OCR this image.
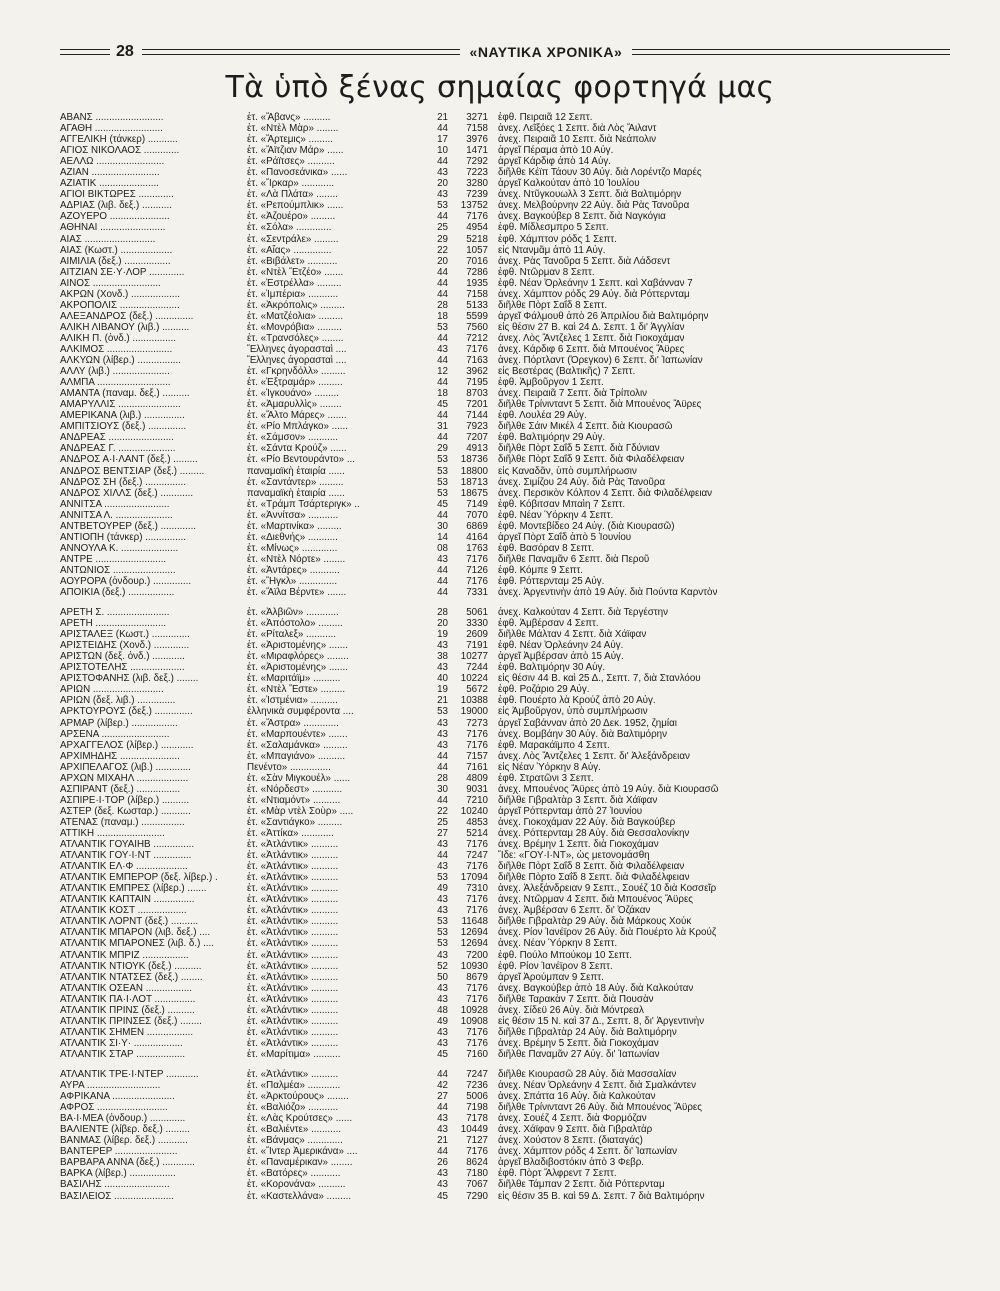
28	«ΝΑΥΤΙΚΑ ΧΡΟΝΙΚΑ»
Τὰ ὑπὸ ξένας σημαίας φορτηγά μας
ΑΒΑΝΣ .........................	ἐτ. «Ἄβανς» ..........	21	3271 ἐφθ. Πειραιᾶ 12 Σεπτ.
ΑΓΑΘΗ .........................	ἐτ. «Ντὲλ Μὰρ» ........	44	7158 ἀνεχ. Λεῖξόες 1 Σεπτ. διὰ Λὸς Ἄιλαντ
ΑΓΓΕΛΙΚΗ (τάνκερ) ...........	ἐτ. «Ἄρτεμις» .........	17	3976 ἀνεχ. Πειραιᾶ 10 Σεπτ. διὰ Νεάπολιν
ΑΓΙΟΣ ΝΙΚΟΛΑΟΣ .............	ἐτ. «Ἄϊτζιαν Μάρ» ......	10	1471 ἀργεῖ Πέραμα ἀπὸ 10 Αὐγ.
ΑΕΛΛΩ .........................	ἐτ. «Ράϊτσες» ..........	44	7292 ἀργεῖ Κάρδιφ ἀπὸ 14 Αὐγ.
ΑΖΙΑΝ .........................	ἐτ. «Πανοσεάνικα» ......	43	7223 διῆλθε Κέϊπ Τάουν 30 Αὐγ. διὰ Λορέντζο Μαρές
ΑΖΙΑΤΙΚ ......................	ἐτ. «Ἴρκαρ» ............	20	3280 ἀργεῖ Καλκούταν ἀπὸ 10 Ἰουλίου
ΑΓΙΟΙ ΒΙΚΤΩΡΕΣ .............	ἐτ. «Λὰ Πλάτα» ........	43	7239 ἀνεχ. Ντῦγκουωλλ 3 Σεπτ. διὰ Βαλτιμόρην
ΑΔΡΙΑΣ (λιβ. δεξ.) ...........	ἐτ. «Ρεπούμπλικ» ......	53	13752 ἀνεχ. Μελβούρνην 22 Αὐγ. διὰ Ρὰς Τανοῦρα
ΑΖΟΥΕΡΟ ......................	ἐτ. «Ἀζουέρο» .........	44	7176 ἀνεχ. Βαγκούβερ 8 Σεπτ. διὰ Ναγκόγια
ΑΘΗΝΑΙ ........................	ἐτ. «Σόλα» .............	25	4954 ἐφθ. Μίδλεσμπρο 5 Σεπτ.
ΑΙΑΣ ..........................	ἐτ. «Σεντράλε» .........	29	5218 ἐφθ. Χάμπτον ρόδς 1 Σεπτ.
ΑΙΑΣ (Κωστ.) ...................	ἐτ. «Αἴας» ..............	22	1057 εἰς Ντανμᾶμ ἀπὸ 11 Αὐγ.
ΑΙΜΙΛΙΑ (δεξ.) .................	ἐτ. «Βιβάλετ» ...........	20	7016 ἀνεχ. Ρὰς Τανοῦρα 5 Σεπτ. διὰ Λάδσεντ
ΑΙΤΖΙΑΝ ΣΕ·Υ·ΛΟΡ .............	ἐτ. «Ντὲλ Ἔτζέο» .......	44	7286 ἐφθ. Ντῶρμαν 8 Σεπτ.
ΑΙΝΟΣ .........................	ἐτ. «Ἐστρέλλα» .........	44	1935 ἐφθ. Νέαν Ὀρλεάνην 1 Σεπτ. καὶ Χαβάνναν 7
ΑΚΡΩΝ (Χονδ.) ..................	ἐτ. «Ἰμπέρια» ...........	44	7158 ἀνεχ. Χάμπτον ρόδς 29 Αὐγ. διὰ Ρόττερνταμ
ΑΚΡΟΠΟΛΙΣ ......................	ἐτ. «Ἀκρόπολις» .........	28	5133 διῆλθε Πὸρτ Σαΐδ 8 Σεπτ.
ΑΛΕΞΑΝΔΡΟΣ (δεξ.) ..............	ἐτ. «Ματζέολια» .........	18	5599 ἀργεῖ Φάλμουθ ἀπὸ 26 Ἀπριλίου διὰ Βαλτιμόρην
ΑΛΙΚΗ ΛΙΒΑΝΟΥ (λιβ.) ..........	ἐτ. «Μονρόβια» .........	53	7560 εἰς θέσιν 27 Β. καὶ 24 Δ. Σεπτ. 1 δι' Ἀγγλίαν
ΑΛΙΚΗ Π. (ὀνδ.) ................	ἐτ. «Τρανσόλες» ........	44	7212 ἀνεχ. Λὸς Ἄντζελες 1 Σεπτ. διὰ Γιοκοχάμαν
ΑΛΚΙΜΟΣ ........................	Ἕλληνες ἀγορασταὶ ....	43	7176 ἀνεχ. Κάρδιφ 6 Σεπτ. διὰ Μπουένος Ἄϋρες
ΑΛΚΥΩΝ (λίβερ.) ................	Ἕλληνες ἀγορασταὶ ....	44	7163 ἀνεχ. Πόρτλαντ (Ὀρεγκον) 6 Σεπτ. δι' Ἰαπωνίαν
ΑΛΛΥ (λιβ.) .....................	ἐτ. «Γκρηνδόλλ» .........	12	3962 εἰς Βεστέρας (Βαλτικῆς) 7 Σεπτ.
ΑΛΜΠΑ ...........................	ἐτ. «Ἐξτραμάρ» .........	44	7195 ἐφθ. Ἀμβοῦργον 1 Σεπτ.
ΑΜΑΝΤΑ (παναμ. δεξ.) ..........	ἐτ. «Ἰγκουάνο» .........	18	8703 ἀνεχ. Πειραιᾶ 7 Σεπτ. διὰ Τρίπολιν
ΑΜΑΡΥΛΛΙΣ .......................	ἐτ. «Ἀμαρυλλὶς» ........	45	7201 διῆλθε Τρίνινταντ 5 Σεπτ. διὰ Μπουένος Ἄϋρες
ΑΜΕΡΙΚΑΝΑ (λιβ.) ...............	ἐτ. «Ἄλτο Μάρες» .......	44	7144 ἐφθ. Λουλέα 29 Αὐγ.
ΑΜΠΙΤΣΙΟΥΣ (δεξ.) ..............	ἐτ. «Ρίο Μπλάγκο» ......	31	7923 διῆλθε Σάιν Μικέλ 4 Σεπτ. διὰ Κιουρασῶ
ΑΝΔΡΕΑΣ ........................	ἐτ. «Σάμσον» ...........	44	7207 ἐφθ. Βαλτιμόρην 29 Αὐγ.
ΑΝΔΡΕΑΣ Γ. .....................	ἐτ. «Σάντα Κρούζ» ......	29	4913 διῆλθε Πὸρτ Σαΐδ 5 Σεπτ. διὰ Γδύνιαν
ΑΝΔΡΟΣ Α·Ι·ΛΑΝΤ (δεξ.) .........	ἐτ. «Ρίο Βεντουράντο» ...	53	18736 διῆλθε Πὸρτ Σαΐδ 9 Σεπτ. διὰ Φιλαδέλφειαν
ΑΝΔΡΟΣ ΒΕΝΤΣΙΑΡ (δεξ.) .........	παναμαϊκὴ ἐταιρία ......	53	18800 εἰς Καναδᾶν, ὑπὸ συμπλήρωσιν
ΑΝΔΡΟΣ ΣΗ (δεξ.) ...............	ἐτ. «Σαντάντερ» .........	53	18713 ἀνεχ. Σιμίζου 24 Αὐγ. διὰ Ρὰς Τανοῦρα
ΑΝΔΡΟΣ ΧΙΛΛΣ (δεξ.) ............	παναμαϊκὴ ἐταιρία ......	53	18675 ἀνεχ. Περσικὸν Κόλπον 4 Σεπτ. διὰ Φιλαδέλφειαν
ΑΝΝΙΤΣΑ ........................	ἐτ. «Τράμπ Τσάρτεριγκ» ..	45	7149 ἐφθ. Κόβιτσαν Μπαὶη 7 Σεπτ.
ΑΝΝΙΤΣΑ Λ. .....................	ἐτ. «Ἀννίτσα» ...........	44	7070 ἐφθ. Νέαν Ὑόρκην 4 Σεπτ.
ΑΝΤΒΕΤΟΥΡΕΡ (δεξ.) .............	ἐτ. «Μαρτινίκα» .........	30	6869 ἐφθ. Μοντεβίδεο 24 Αὐγ. (διὰ Κιουρασῶ)
ΑΝΤΙΟΠΗ (τάνκερ) ...............	ἐτ. «Διεθνής» ...........	14	4164 ἀργεῖ Πὸρτ Σαΐδ ἀπὸ 5 Ἰουνίου
ΑΝΝΟΥΛΑ Κ. .....................	ἐτ. «Μίνως» .............	08	1763 ἐφθ. Βασόραν 8 Σεπτ.
ΑΝΤΡΕ ..........................	ἐτ. «Ντὲλ Νόρτε» ........	43	7176 διῆλθε Παναμᾶν 6 Σεπτ. διὰ Περοῦ
ΑΝΤΩΝΙΟΣ .......................	ἐτ. «Ἀντάρες» ...........	44	7126 ἐφθ. Κόμπε 9 Σεπτ.
ΑΟΥΡΟΡΑ (ὀνδουρ.) ..............	ἐτ. «Ἥγκλ» ..............	44	7176 ἐφθ. Ρόττερνταμ 25 Αὐγ.
ΑΠΟΙΚΙΑ (δεξ.) .................	ἐτ. «Ἄϊλα Βέρντε» .......	44	7331 ἀνεχ. Ἀργεντινὴν ἀπὸ 19 Αὐγ. διὰ Πούντα Καρντὸν
ΑΡΕΤΗ Σ. .......................	ἐτ. «Ἀλβιῶν» ............	28	5061 ἀνεχ. Καλκούταν 4 Σεπτ. διὰ Τεργέστην
ΑΡΕΤΗ ..........................	ἐτ. «Ἀπόστολο» .........	20	3330 ἐφθ. Ἀμβέρσαν 4 Σεπτ.
ΑΡΙΣΤΑΛΕΞ (Κωστ.) ..............	ἐτ. «Ρίταλεξ» ...........	19	2609 διῆλθε Μάλταν 4 Σεπτ. διὰ Χάϊφαν
ΑΡΙΣΤΕΙΔΗΣ (Χονδ.) .............	ἐτ. «Ἀριστομένης» .......	43	7191 ἐφθ. Νέαν Ὀρλεάνην 24 Αὐγ.
ΑΡΙΣΤΩΝ (δεξ. ὀνδ.) ............	ἐτ. «Μιραφλόρες» ........	38	10277 ἀργεῖ Ἀμβέρσαν ἀπὸ 15 Αὐγ.
ΑΡΙΣΤΟΤΕΛΗΣ ....................	ἐτ. «Ἀριστομένης» .......	43	7244 ἐφθ. Βαλτιμόρην 30 Αὐγ.
ΑΡΙΣΤΟΦΑΝΗΣ (λιβ. δεξ.) ........	ἐτ. «Μαριτάϊμ» ..........	40	10224 εἰς θέσιν 44 Β. καὶ 25 Δ., Σεπτ. 7, διὰ Στανλόου
ΑΡΙΩΝ ..........................	ἐτ. «Ντὲλ Ἔστε» .........	19	5672 ἐφθ. Ροζάριο 29 Αὐγ.
ΑΡΙΩΝ (δεξ. λιβ.) ..............	ἐτ. «Ἰστμένια» ..........	21	10388 ἐφθ. Πουέρτο λὰ Κρούζ ἀπὸ 20 Αὐγ.
ΑΡΚΤΟΥΡΟΥΣ (δεξ.) ..............	ἑλληνικὰ συμφέροντα ....	53	19000 εἰς Ἀμβοῦργον, ὑπὸ συμπλήρωσιν
ΑΡΜΑΡ (λίβερ.) .................	ἐτ. «Ἄστρα» .............	43	7273 ἀργεῖ Σαβάνναν ἀπὸ 20 Δεκ. 1952, ζημίαι
ΑΡΣΕΝΑ .........................	ἐτ. «Μαρπουέντε» .......	43	7176 ἀνεχ. Βομβάην 30 Αὐγ. διὰ Βαλτιμόρην
ΑΡΧΑΓΓΕΛΟΣ (λίβερ.) ............	ἐτ. «Σαλαμάνκα» .........	43	7176 ἐφθ. Μαρακάϊμπο 4 Σεπτ.
ΑΡΧΙΜΗΔΗΣ ......................	ἐτ. «Μπαγιάνο» ..........	44	7157 ἀνεχ. Λὸς Ἄντζελες 1 Σεπτ. δι' Ἀλεξάνδρειαν
ΑΡΧΙΠΕΛΑΓΟΣ (λιβ.) .............	Πενέντο» ...............	44	7161 εἰς Νέαν Ὑόρκην 8 Αὐγ.
ΑΡΧΩΝ ΜΙΧΑΗΛ ...................	ἐτ. «Σὰν Μιγκουέλ» ......	28	4809 ἐφθ. Στρατῶνι 3 Σεπτ.
ΑΣΠΙΡΑΝΤ (δεξ.) ................	ἐτ. «Νόρδεστ» ...........	30	9031 ἀνεχ. Μπουένος Ἄϋρες ἀπὸ 19 Αὐγ. διὰ Κιουρασῶ
ΑΣΠΙΡΕ·Ι·ΤΟΡ (λίβερ.) ..........	ἐτ. «Ντιαμόντ» ..........	44	7210 διῆλθε Γιβραλτὰρ 3 Σεπτ. διὰ Χάϊφαν
ΑΣΤΕΡ (δεξ. Κωσταρ.) ...........	ἐτ. «Μὰρ ντὲλ Σοὺρ» .....	22	10240 ἀργεῖ Ρόττερνταμ ἀπὸ 27 Ἰουνίου
ΑΤΕΝΑΣ (παναμ.) ................	ἐτ. «Σαντιάγκο» .........	25	4853 ἀνεχ. Γιοκοχάμαν 22 Αὐγ. διὰ Βαγκούβερ
ΑΤΤΙΚΗ .........................	ἐτ. «Ἀττίκα» ............	27	5214 ἀνεχ. Ρόττερνταμ 28 Αὐγ. διὰ Θεσσαλονίκην
ΑΤΛΑΝΤΙΚ ΓΟΥΑΙΗΒ ...............	ἐτ. «Ἀτλάντικ» ..........	43	7176 ἀνεχ. Βρέμην 1 Σεπτ. διὰ Γιοκοχάμαν
ΑΤΛΑΝΤΙΚ ΓΟΥ·Ι·ΝΤ ..............	ἐτ. «Ἀτλάντικ» ..........	44	7247 Ἴδε: «ΓΟΥ·Ι·ΝΤ», ὡς μετονομάσθη
ΑΤΛΑΝΤΙΚ ΕΛ·Φ ...................	ἐτ. «Ἀτλάντικ» ..........	43	7176 διῆλθε Πὸρτ Σαΐδ 8 Σεπτ. διὰ Φιλαδέλφειαν
ΑΤΛΑΝΤΙΚ ΕΜΠΕΡΟΡ (δεξ. λίβερ.) .	ἐτ. «Ἀτλάντικ» ..........	53	17094 διῆλθε Πὸρτο Σαΐδ 8 Σεπτ. διὰ Φιλαδέλφειαν
ΑΤΛΑΝΤΙΚ ΕΜΠΡΕΣ (λίβερ.) .......	ἐτ. «Ἀτλάντικ» ..........	49	7310 ἀνεχ. Ἀλεξάνδρειαν 9 Σεπτ., Σουέζ 10 διὰ Κοσσεῖρ
ΑΤΛΑΝΤΙΚ ΚΑΠΤΑΙΝ ...............	ἐτ. «Ἀτλάντικ» ..........	43	7176 ἀνεχ. Ντῶρμαν 4 Σεπτ. διὰ Μπουένος Ἄϋρες
ΑΤΛΑΝΤΙΚ ΚΟΣΤ ..................	ἐτ. «Ἀτλάντικ» ..........	43	7176 ἀνεχ. Ἀμβέρσαν 6 Σεπτ. δι' Ὀζάκαν
ΑΤΛΑΝΤΙΚ ΛΟΡΝΤ (δεξ.) ..........	ἐτ. «Ἀτλάντικ» ..........	53	11648 διῆλθε Γιβραλτὰρ 29 Αὐγ. διὰ Μάρκους Χούκ
ΑΤΛΑΝΤΙΚ ΜΠΑΡΟΝ (λιβ. δεξ.) ....	ἐτ. «Ἀτλάντικ» ..........	53	12694 ἀνεχ. Ρίον Ἰανέϊρον 26 Αὐγ. διὰ Πουέρτο λὰ Κρούζ
ΑΤΛΑΝΤΙΚ ΜΠΑΡΟΝΕΣ (λιβ. δ.) ....	ἐτ. «Ἀτλάντικ» ..........	53	12694 ἀνεχ. Νέαν Ὑόρκην 8 Σεπτ.
ΑΤΛΑΝΤΙΚ ΜΠΡΙΖ .................	ἐτ. «Ἀτλάντικ» ..........	43	7200 ἐφθ. Πούλο Μπούκομ 10 Σεπτ.
ΑΤΛΑΝΤΙΚ ΝΤΙΟΥΚ (δεξ.) ..........	ἐτ. «Ἀτλάντικ» ..........	52	10930 ἐφθ. Ρίον Ἰανέϊρον 8 Σεπτ.
ΑΤΛΑΝΤΙΚ ΝΤΑΤΣΕΣ (δεξ.) ........	ἐτ. «Ἀτλάντικ» ..........	50	8679 ἀργεῖ Ἀρούμπαν 9 Σεπτ.
ΑΤΛΑΝΤΙΚ ΟΣΕΑΝ .................	ἐτ. «Ἀτλάντικ» ..........	43	7176 ἀνεχ. Βαγκούβερ ἀπὸ 18 Αὐγ. διὰ Καλκούταν
ΑΤΛΑΝΤΙΚ ΠΑ·Ι·ΛΟΤ ...............	ἐτ. «Ἀτλάντικ» ..........	43	7176 διῆλθε Ταρακὰν 7 Σεπτ. διὰ Πουσὰν
ΑΤΛΑΝΤΙΚ ΠΡΙΝΣ (δεξ.) ..........	ἐτ. «Ἀτλάντικ» ..........	48	10928 ἀνεχ. Σίδεϋ 26 Αὐγ. διὰ Μόντρεαλ
ΑΤΛΑΝΤΙΚ ΠΡΙΝΣΕΣ (δεξ.) ........	ἐτ. «Ἀτλάντικ» ..........	49	10908 εἰς θέσιν 15 Ν. καὶ 37 Δ., Σεπτ. 8, δι' Ἀργεντινὴν
ΑΤΛΑΝΤΙΚ ΣΗΜΕΝ .................	ἐτ. «Ἀτλάντικ» ..........	43	7176 διῆλθε Γιβραλτὰρ 24 Αὐγ. διὰ Βαλτιμόρην
ΑΤΛΑΝΤΙΚ ΣΙ·Υ· ..................	ἐτ. «Ἀτλάντικ» ..........	43	7176 ἀνεχ. Βρέμην 5 Σεπτ. διὰ Γιοκοχάμαν
ΑΤΛΑΝΤΙΚ ΣΤΑΡ ..................	ἐτ. «Μαρίτιμα» ..........	45	7160 διῆλθε Παναμᾶν 27 Αὐγ. δι' Ἰαπωνίαν
ΑΤΛΑΝΤΙΚ ΤΡΕ·Ι·ΝΤΕΡ ............	ἐτ. «Ἀτλάντικ» ..........	44	7247 διῆλθε Κιουρασῶ 28 Αὐγ. διὰ Μασσαλίαν
ΑΥΡΑ ...........................	ἐτ. «Παλμέα» ............	42	7236 ἀνεχ. Νέαν Ὀρλεάνην 4 Σεπτ. διὰ Σμαλκάντεν
ΑΦΡΙΚΑΝΑ .......................	ἐτ. «Ἀρκτούρους» ........	27	5006 ἀνεχ. Σπάττα 16 Αὐγ. διὰ Καλκούταν
ΑΦΡΟΣ ..........................	ἐτ. «Βαλιόζο» ...........	44	7198 διῆλθε Τρίνινταντ 26 Αὐγ. διὰ Μπουένος Ἄϋρες
ΒΑ·Ι·ΜΕΑ (ὀνδουρ.) .............	ἐτ. «Λὰς Κρούτσες» ......	43	7178 ἀνεχ. Σουέζ 4 Σεπτ. διὰ Φορμόζαν
ΒΑΛΙΕΝΤΕ (λίβερ. δεξ.) .........	ἐτ. «Βαλιέντε» ...........	43	10449 ἀνεχ. Χάϊφαν 9 Σεπτ. διὰ Γιβραλτὰρ
ΒΑΝΜΑΣ (λίβερ. δεξ.) ...........	ἐτ. «Βάνμας» .............	21	7127 ἀνεχ. Χούστον 8 Σεπτ. (διαταγάς)
ΒΑΝΤΕΡΕΡ .......................	ἐτ. «Ἴντερ Ἀμερικάνα» ....	44	7176 ἀνεχ. Χάμπτον ρόδς 4 Σεπτ. δι' Ἰαπωνίαν
ΒΑΡΒΑΡΑ ΑΝΝΑ (δεξ.) ............	ἐτ. «Παναμέρικαν» ........	26	8624 ἀργεῖ Βλαδιβοστόκιν ἀπὸ 3 Φεβρ.
ΒΑΡΚΑ (λίβερ.) .................	ἐτ. «Βατόρες» ...........	43	7180 ἐφθ. Πὸρτ Ἄλφρεντ 7 Σεπτ.
ΒΑΣΙΛΗΣ ........................	ἐτ. «Κορονάνα» ..........	43	7067 διῆλθε Τάμπαν 2 Σεπτ. διὰ Ρόττερνταμ
ΒΑΣΙΛΕΙΟΣ ......................	ἐτ. «Καστελλάνα» .........	45	7290 εἰς θέσιν 35 Β. καὶ 59 Δ. Σεπτ. 7 διὰ Βαλτιμόρην
